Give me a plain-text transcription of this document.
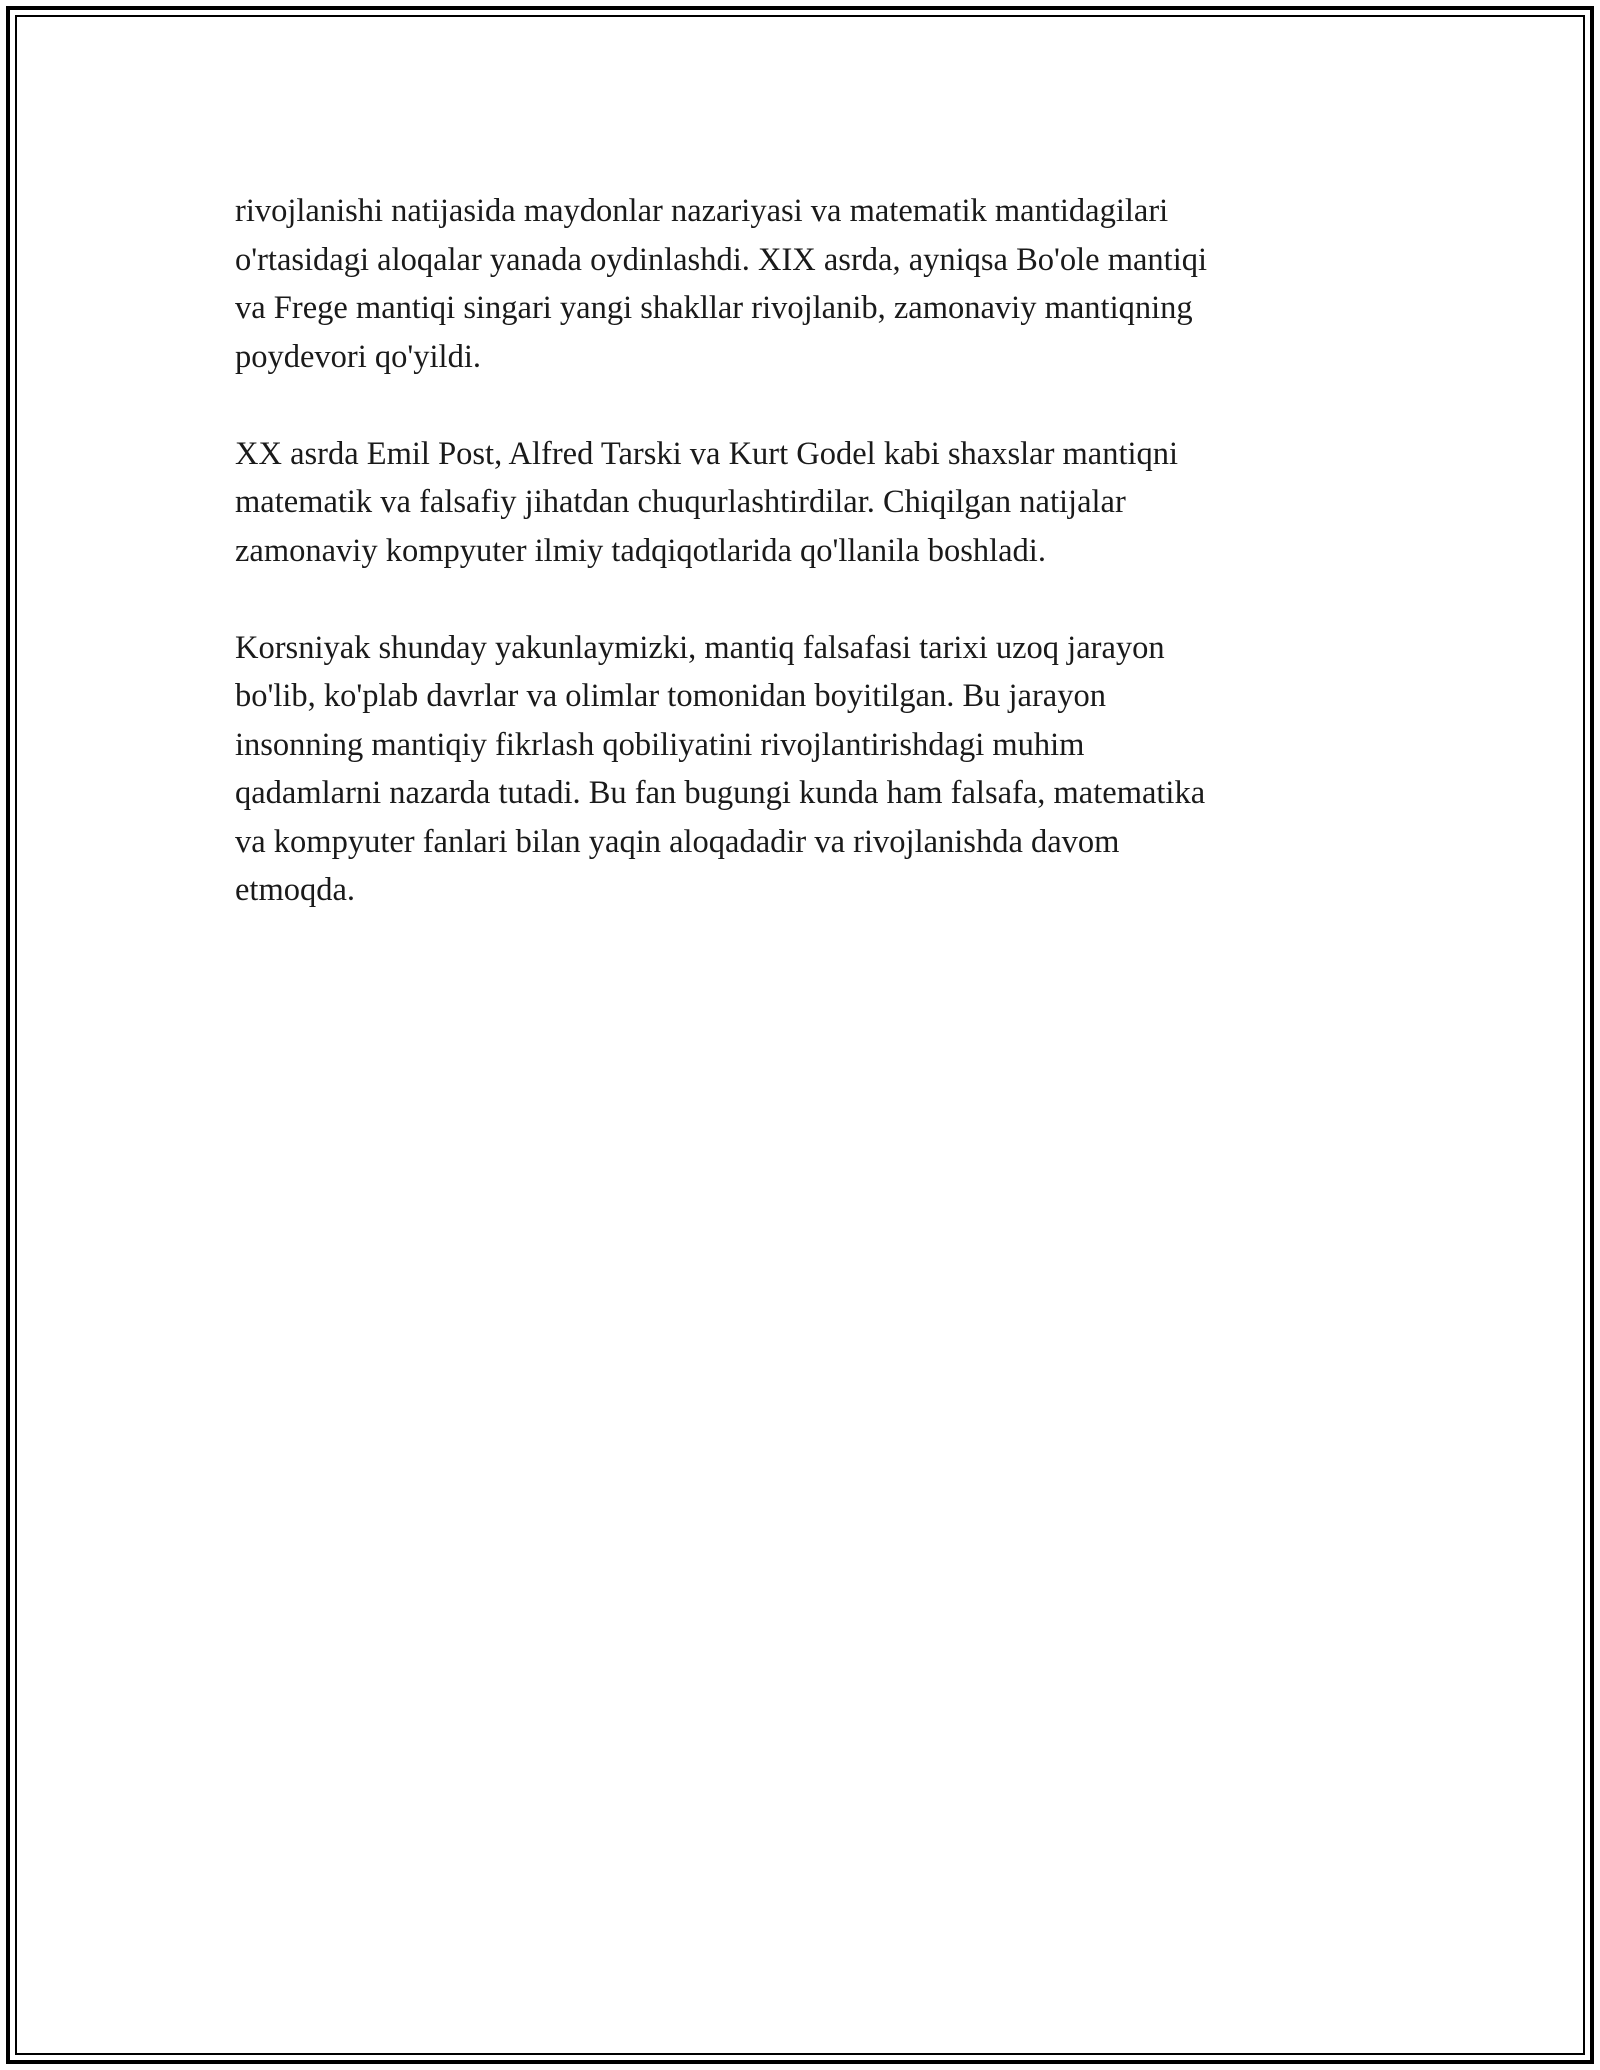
rivojlanishi natijasida maydonlar nazariyasi va matematik mantidagilari
o'rtasidagi aloqalar yanada oydinlashdi. XIX asrda, ayniqsa Bo'ole mantiqi
va Frege mantiqi singari yangi shakllar rivojlanib, zamonaviy mantiqning
poydevori qo'yildi.

XX asrda Emil Post, Alfred Tarski va Kurt Godel kabi shaxslar mantiqni
matematik va falsafiy jihatdan chuqurlashtirdilar. Chiqilgan natijalar
zamonaviy kompyuter ilmiy tadqiqotlarida qo'llanila boshladi.

Korsniyak shunday yakunlaymizki, mantiq falsafasi tarixi uzoq jarayon
bo'lib, ko'plab davrlar va olimlar tomonidan boyitilgan. Bu jarayon
insonning mantiqiy fikrlash qobiliyatini rivojlantirishdagi muhim
qadamlarni nazarda tutadi. Bu fan bugungi kunda ham falsafa, matematika
va kompyuter fanlari bilan yaqin aloqadadir va rivojlanishda davom
etmoqda.
